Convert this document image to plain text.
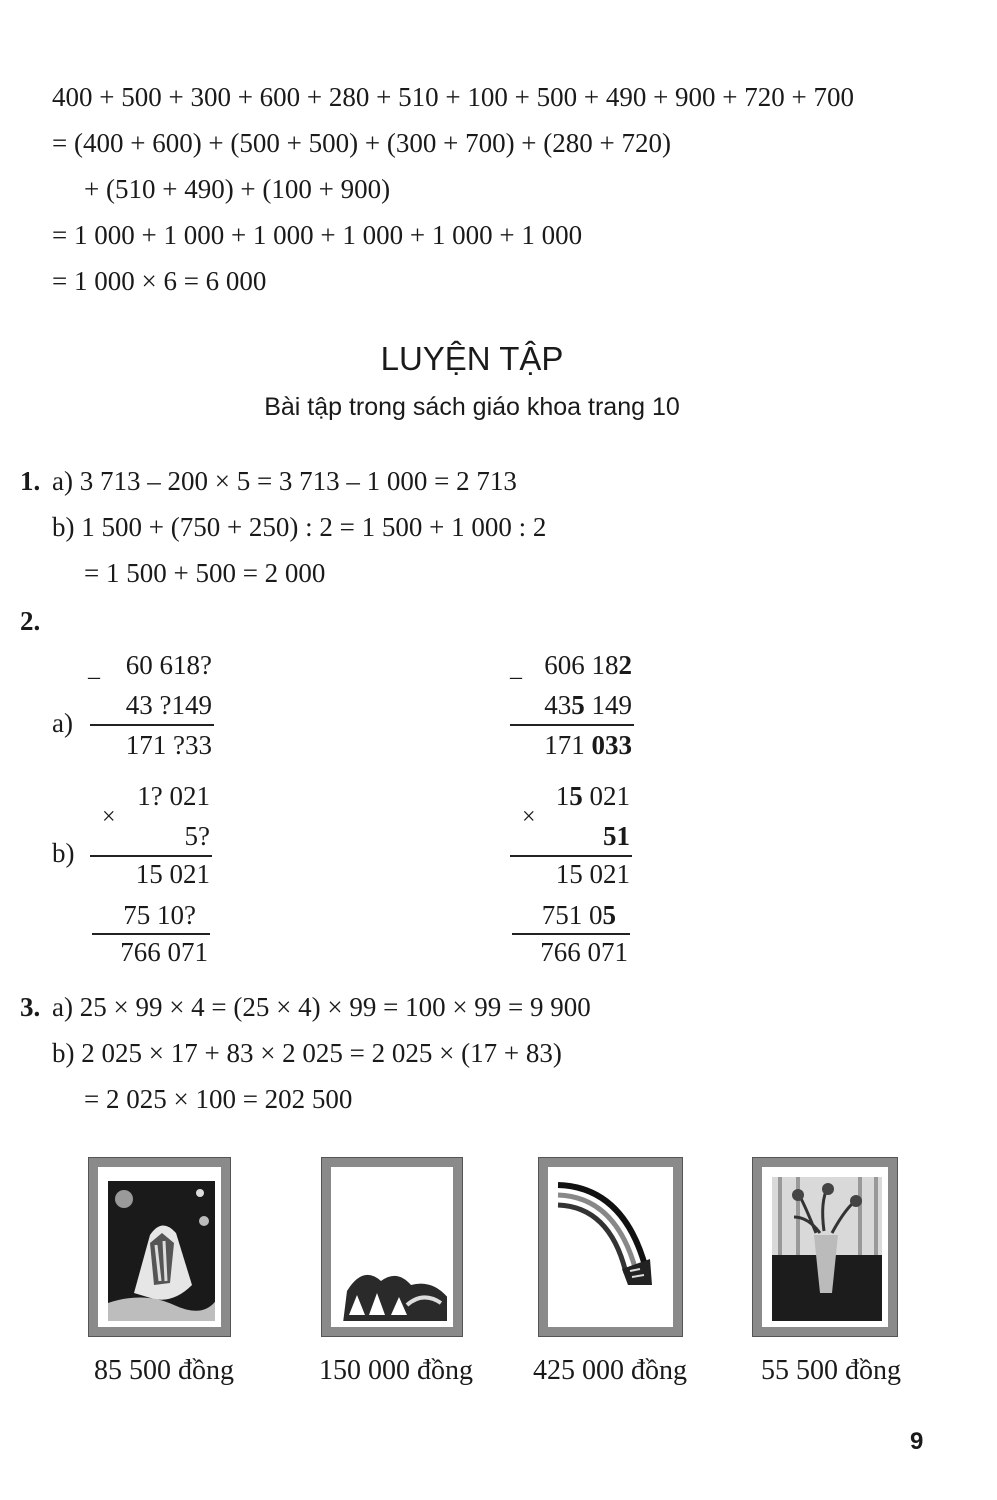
400 + 500 + 300 + 600 + 280 + 510 + 100 + 500 + 490 + 900 + 720 + 700
= (400 + 600) + (500 + 500) + (300 + 700) + (280 + 720)
+ (510 + 490) + (100 + 900)
= 1 000 + 1 000 + 1 000 + 1 000 + 1 000 + 1 000
= 1 000 × 6 = 6 000
LUYỆN TẬP
Bài tập trong sách giáo khoa trang 10
1. a) 3 713 – 200 × 5 = 3 713 – 1 000 = 2 713
b) 1 500 + (750 + 250) : 2 = 1 500 + 1 000 : 2
= 1 500 + 500 = 2 000
2.
a)
– 60 618?
43 ?149
171 ?33
– 606 182
435 149
171 033
b)
×
1? 021
5?
15 021
75 10?
766 071
×
15 021
51
15 021
751 05
766 071
3. a) 25 × 99 × 4 = (25 × 4) × 99 = 100 × 99 = 9 900
b) 2 025 × 17 + 83 × 2 025 = 2 025 × (17 + 83)
= 2 025 × 100 = 202 500
85 500 đồng	150 000 đồng	425 000 đồng	55 500 đồng
9
